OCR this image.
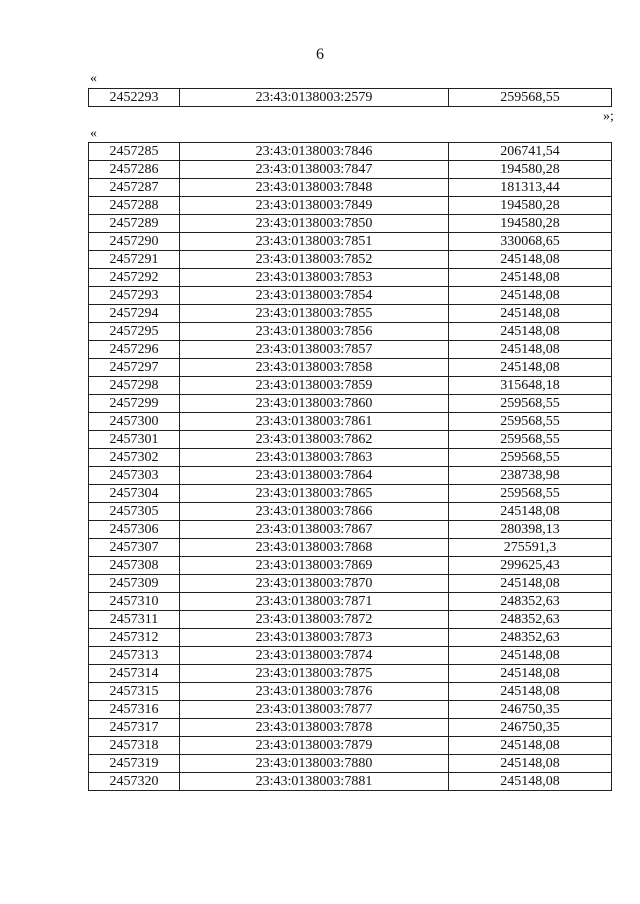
6
«
2452293	23:43:0138003:2579	259568,55
»;
«
2457285	23:43:0138003:7846	206741,54
2457286	23:43:0138003:7847	194580,28
2457287	23:43:0138003:7848	181313,44
2457288	23:43:0138003:7849	194580,28
2457289	23:43:0138003:7850	194580,28
2457290	23:43:0138003:7851	330068,65
2457291	23:43:0138003:7852	245148,08
2457292	23:43:0138003:7853	245148,08
2457293	23:43:0138003:7854	245148,08
2457294	23:43:0138003:7855	245148,08
2457295	23:43:0138003:7856	245148,08
2457296	23:43:0138003:7857	245148,08
2457297	23:43:0138003:7858	245148,08
2457298	23:43:0138003:7859	315648,18
2457299	23:43:0138003:7860	259568,55
2457300	23:43:0138003:7861	259568,55
2457301	23:43:0138003:7862	259568,55
2457302	23:43:0138003:7863	259568,55
2457303	23:43:0138003:7864	238738,98
2457304	23:43:0138003:7865	259568,55
2457305	23:43:0138003:7866	245148,08
2457306	23:43:0138003:7867	280398,13
2457307	23:43:0138003:7868	275591,3
2457308	23:43:0138003:7869	299625,43
2457309	23:43:0138003:7870	245148,08
2457310	23:43:0138003:7871	248352,63
2457311	23:43:0138003:7872	248352,63
2457312	23:43:0138003:7873	248352,63
2457313	23:43:0138003:7874	245148,08
2457314	23:43:0138003:7875	245148,08
2457315	23:43:0138003:7876	245148,08
2457316	23:43:0138003:7877	246750,35
2457317	23:43:0138003:7878	246750,35
2457318	23:43:0138003:7879	245148,08
2457319	23:43:0138003:7880	245148,08
2457320	23:43:0138003:7881	245148,08
